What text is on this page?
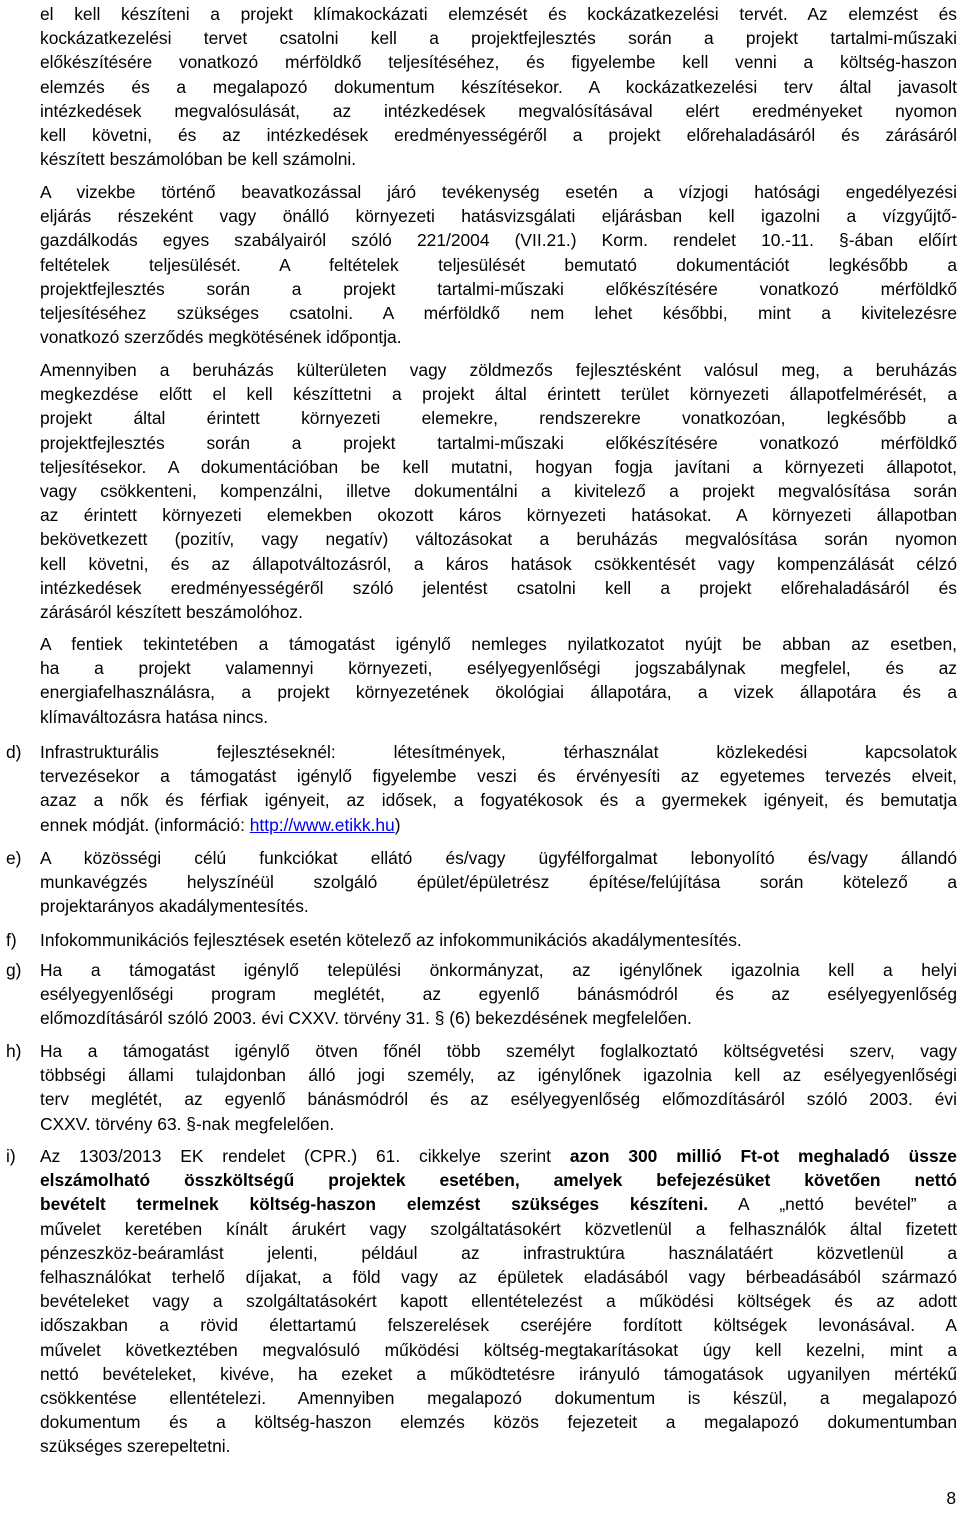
el kell készíteni a projekt klímakockázati elemzését és kockázatkezelési tervét. Az elemzést és
kockázatkezelési tervet csatolni kell a projektfejlesztés során a projekt tartalmi-műszaki
előkészítésére vonatkozó mérföldkő teljesítéséhez, és figyelembe kell venni a költség-haszon
elemzés és a megalapozó dokumentum készítésekor. A kockázatkezelési terv által javasolt
intézkedések megvalósulását, az intézkedések megvalósításával elért eredményeket nyomon
kell követni, és az intézkedések eredményességéről a projekt előrehaladásáról és zárásáról
készített beszámolóban be kell számolni.
A vizekbe történő beavatkozással járó tevékenység esetén a vízjogi hatósági engedélyezési
eljárás részeként vagy önálló környezeti hatásvizsgálati eljárásban kell igazolni a vízgyűjtő-
gazdálkodás egyes szabályairól szóló 221/2004 (VII.21.) Korm. rendelet 10.-11. §-ában előírt
feltételek teljesülését. A feltételek teljesülését bemutató dokumentációt legkésőbb a
projektfejlesztés során a projekt tartalmi-műszaki előkészítésére vonatkozó mérföldkő
teljesítéséhez szükséges csatolni. A mérföldkő nem lehet későbbi, mint a kivitelezésre
vonatkozó szerződés megkötésének időpontja.
Amennyiben a beruházás külterületen vagy zöldmezős fejlesztésként valósul meg, a beruházás
megkezdése előtt el kell készíttetni a projekt által érintett terület környezeti állapotfelmérését, a
projekt által érintett környezeti elemekre, rendszerekre vonatkozóan, legkésőbb a
projektfejlesztés során a projekt tartalmi-műszaki előkészítésére vonatkozó mérföldkő
teljesítésekor. A dokumentációban be kell mutatni, hogyan fogja javítani a környezeti állapotot,
vagy csökkenteni, kompenzálni, illetve dokumentálni a kivitelező a projekt megvalósítása során
az érintett környezeti elemekben okozott káros környezeti hatásokat. A környezeti állapotban
bekövetkezett (pozitív, vagy negatív) változásokat a beruházás megvalósítása során nyomon
kell követni, és az állapotváltozásról, a káros hatások csökkentését vagy kompenzálását célzó
intézkedések eredményességéről szóló jelentést csatolni kell a projekt előrehaladásáról és
zárásáról készített beszámolóhoz.
A fentiek tekintetében a támogatást igénylő nemleges nyilatkozatot nyújt be abban az esetben,
ha a projekt valamennyi környezeti, esélyegyenlőségi jogszabálynak megfelel, és az
energiafelhasználásra, a projekt környezetének ökológiai állapotára, a vizek állapotára és a
klímaváltozásra hatása nincs.
d)	Infrastrukturális fejlesztéseknél: létesítmények, térhasználat közlekedési kapcsolatok
tervezésekor a támogatást igénylő figyelembe veszi és érvényesíti az egyetemes tervezés elveit,
azaz a nők és férfiak igényeit, az idősek, a fogyatékosok és a gyermekek igényeit, és bemutatja
ennek módját. (információ: http://www.etikk.hu)
e)	A közösségi célú funkciókat ellátó és/vagy ügyfélforgalmat lebonyolító és/vagy állandó
munkavégzés helyszínéül szolgáló épület/épületrész építése/felújítása során kötelező a
projektarányos akadálymentesítés.
f)	Infokommunikációs fejlesztések esetén kötelező az infokommunikációs akadálymentesítés.
g)	Ha a támogatást igénylő települési önkormányzat, az igénylőnek igazolnia kell a helyi
esélyegyenlőségi program meglétét, az egyenlő bánásmódról és az esélyegyenlőség
előmozdításáról szóló 2003. évi CXXV. törvény 31. § (6) bekezdésének megfelelően.
h)	Ha a támogatást igénylő ötven főnél több személyt foglalkoztató költségvetési szerv, vagy
többségi állami tulajdonban álló jogi személy, az igénylőnek igazolnia kell az esélyegyenlőségi
terv meglétét, az egyenlő bánásmódról és az esélyegyenlőség előmozdításáról szóló 2003. évi
CXXV. törvény 63. §-nak megfelelően.
i)	Az 1303/2013 EK rendelet (CPR.) 61. cikkelye szerint azon 300 millió Ft-ot meghaladó üssze
elszámolható összköltségű projektek esetében, amelyek befejezésüket követően nettó
bevételt termelnek költség-haszon elemzést szükséges készíteni. A „nettó bevétel” a
művelet keretében kínált árukért vagy szolgáltatásokért közvetlenül a felhasználók által fizetett
pénzeszköz-beáramlást jelenti, például az infrastruktúra használatáért közvetlenül a
felhasználókat terhelő díjakat, a föld vagy az épületek eladásából vagy bérbeadásából származó
bevételeket vagy a szolgáltatásokért kapott ellentételezést a működési költségek és az adott
időszakban a rövid élettartamú felszerelések cseréjére fordított költségek levonásával. A
művelet következtében megvalósuló működési költség-megtakarításokat úgy kell kezelni, mint a
nettó bevételeket, kivéve, ha ezeket a működtetésre irányuló támogatások ugyanilyen mértékű
csökkentése ellentételezi. Amennyiben megalapozó dokumentum is készül, a megalapozó
dokumentum és a költség-haszon elemzés közös fejezeteit a megalapozó dokumentumban
szükséges szerepeltetni.
8
